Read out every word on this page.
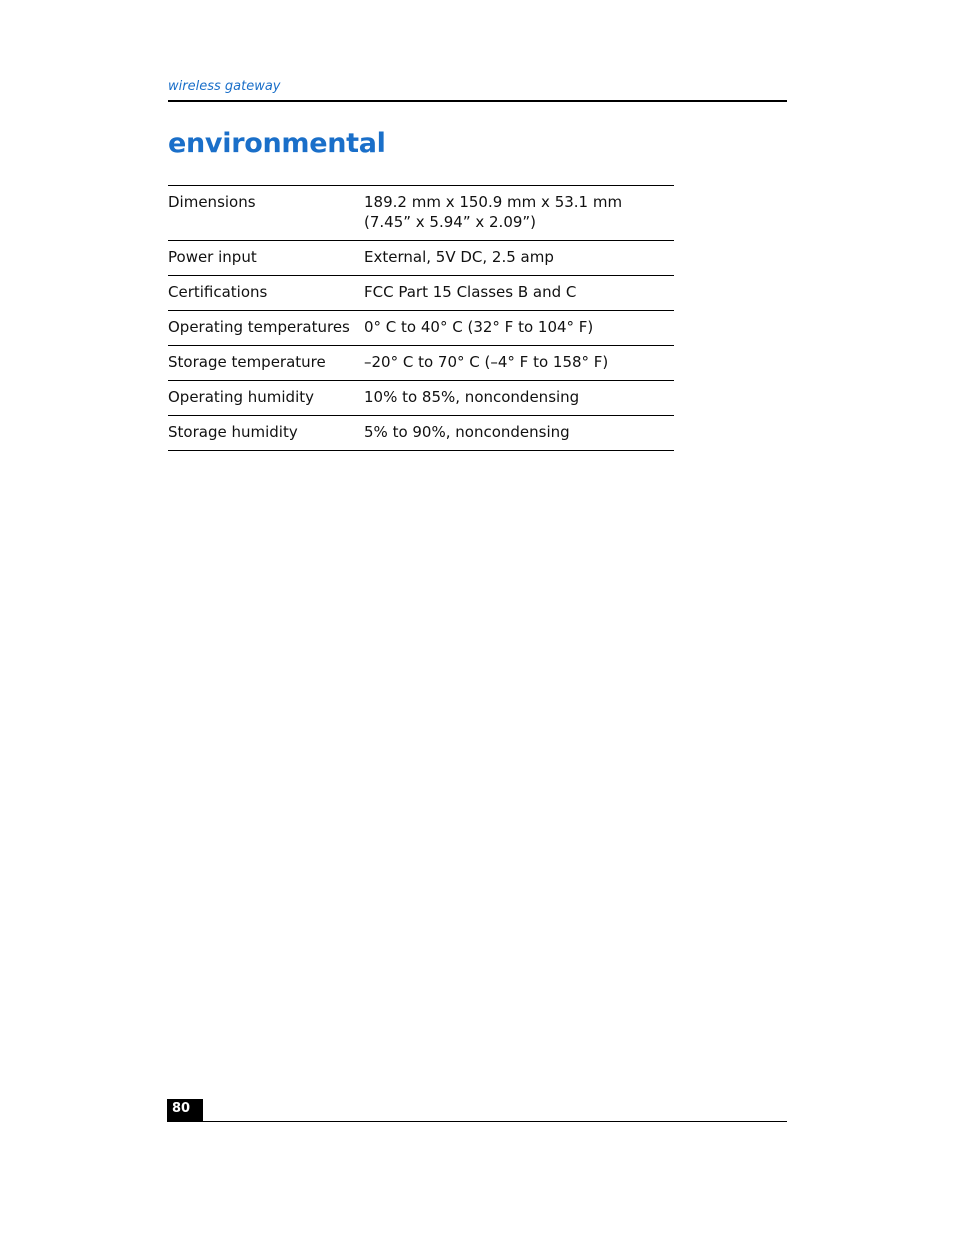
wireless gateway
environmental
Dimensions	189.2 mm x 150.9 mm x 53.1 mm
(7.45” x 5.94” x 2.09”)

Power input	External, 5V DC, 2.5 amp
Certifications	FCC Part 15 Classes B and C
Operating temperatures	0° C to 40° C (32° F to 104° F)
Storage temperature	–20° C to 70° C (–4° F to 158° F)
Operating humidity	10% to 85%, noncondensing
Storage humidity	5% to 90%, noncondensing
80
